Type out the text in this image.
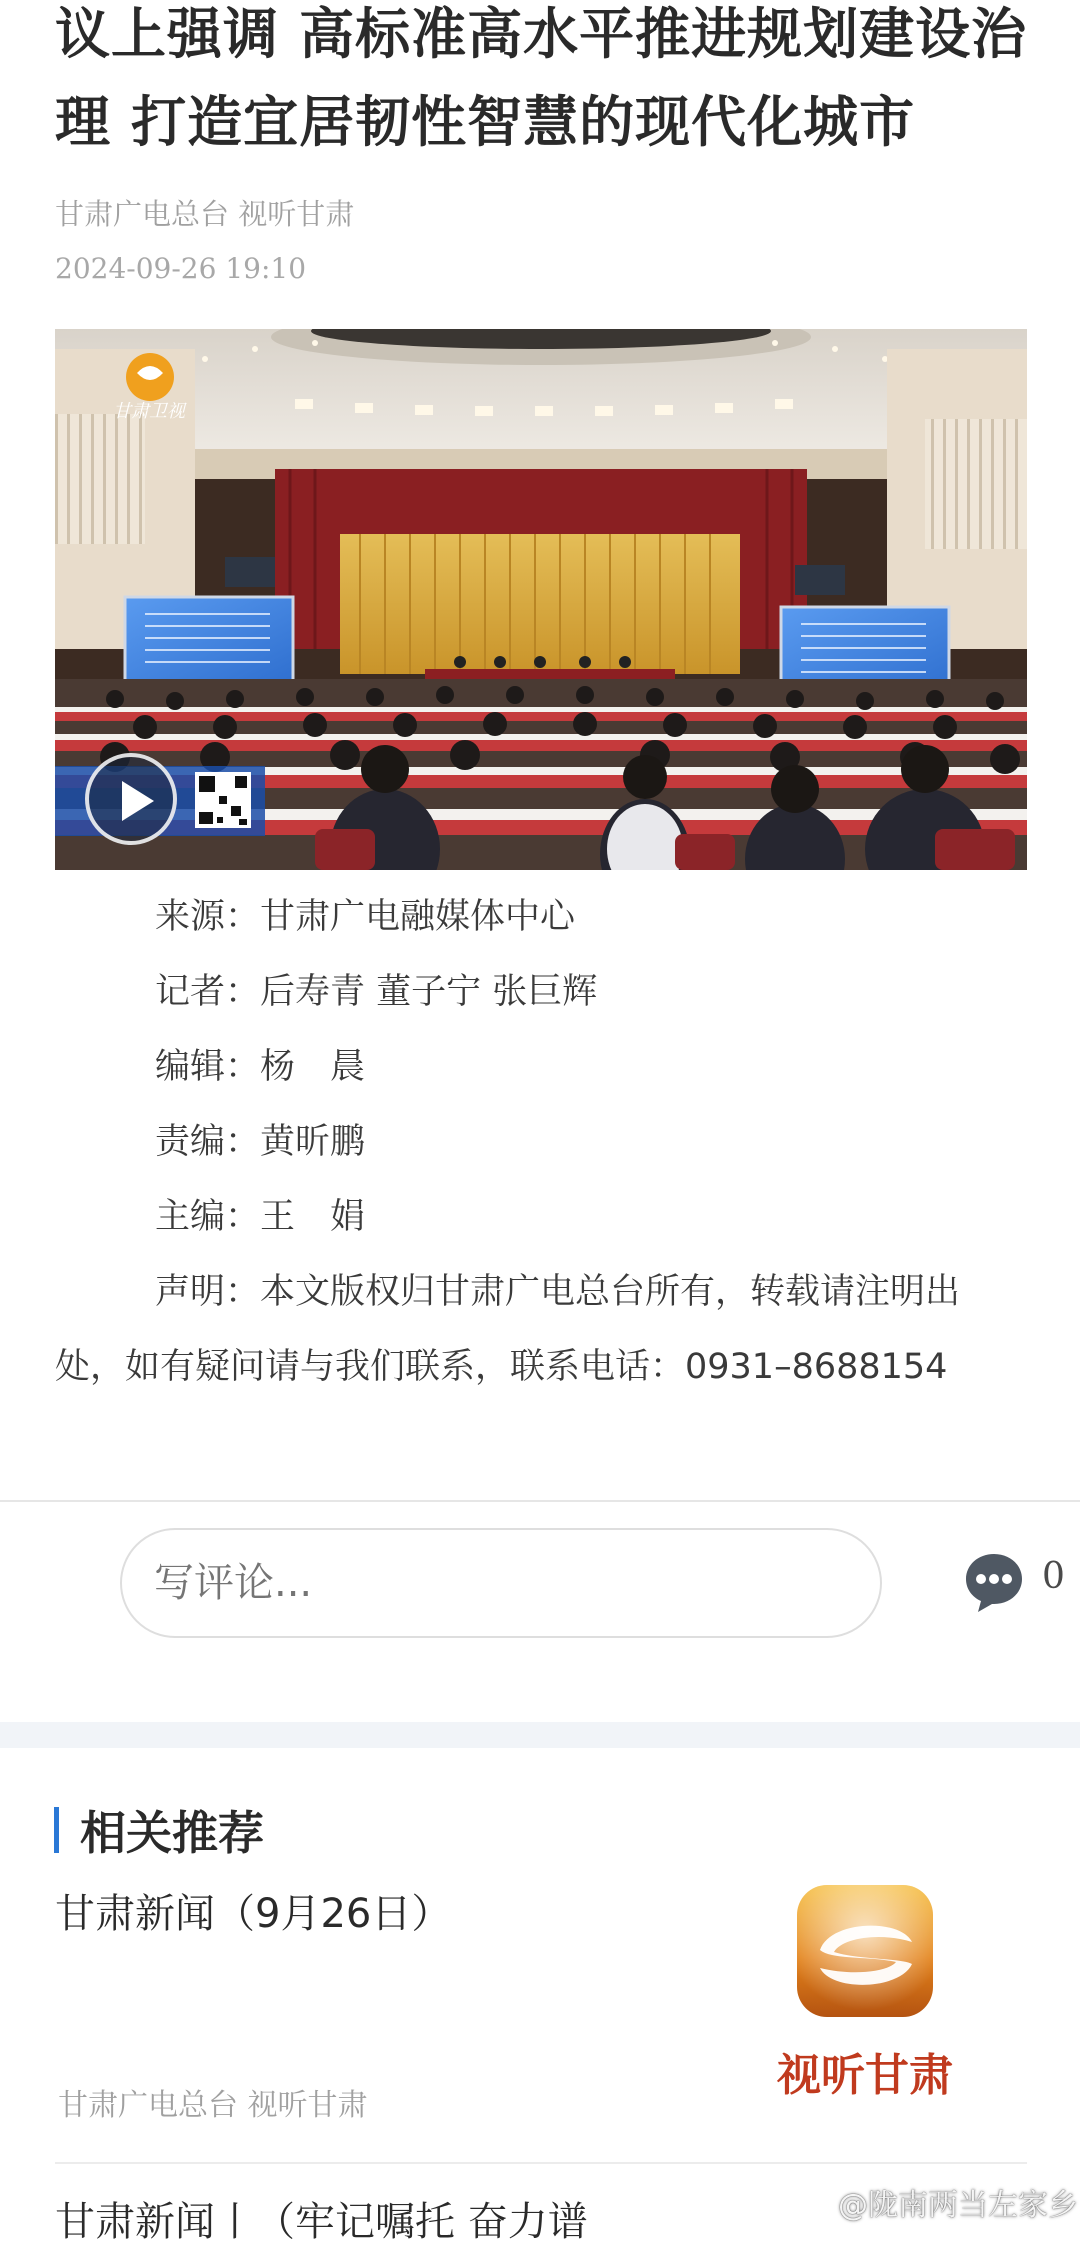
议上强调 高标准高水平推进规划建设治理 打造宜居韧性智慧的现代化城市
甘肃广电总台 视听甘肃
2024-09-26 19:10
甘肃卫视
来源：甘肃广电融媒体中心
记者：后寿青 董子宁 张巨辉
编辑：杨　晨
责编：黄昕鹏
主编：王　娟
声明：本文版权归甘肃广电总台所有，转载请注明出处，如有疑问请与我们联系，联系电话：0931–8688154
写评论...
0
相关推荐
甘肃新闻（9月26日）
甘肃广电总台 视听甘肃
视听甘肃
甘肃新闻丨（牢记嘱托 奋力谱	@陇南两当左家乡
